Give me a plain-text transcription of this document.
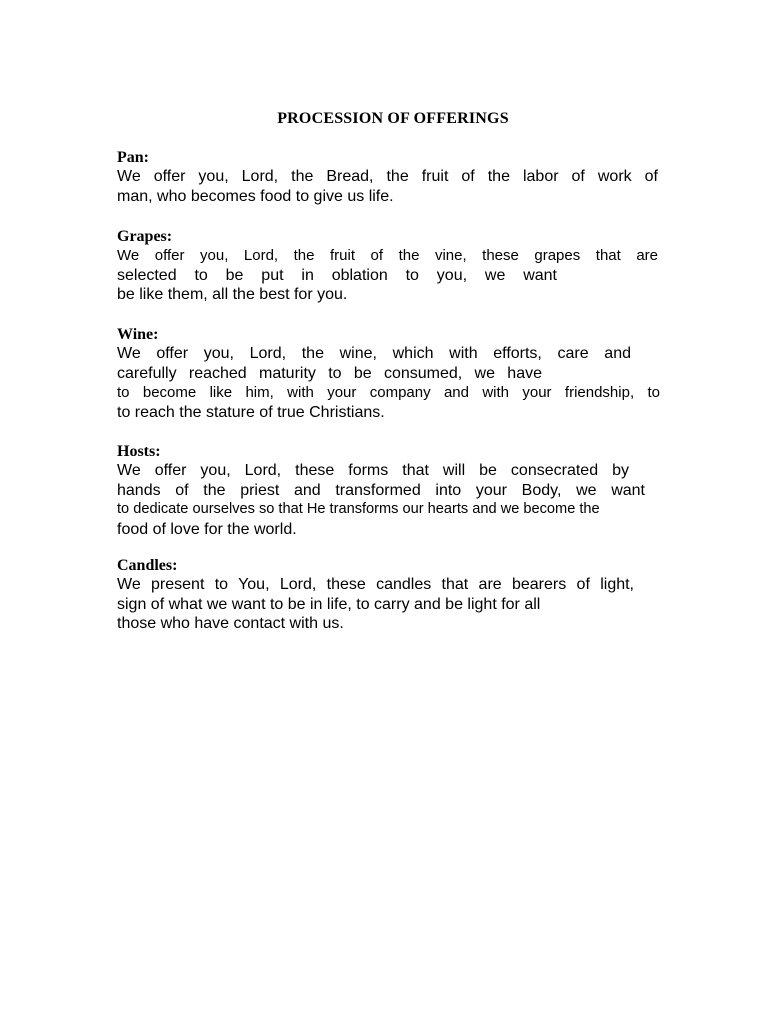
PROCESSION OF OFFERINGS

Pan:

We offer you, Lord, the Bread, the fruit of the labor of work of

man, who becomes food to give us life.

Grapes:

We offer you, Lord, the fruit of the vine, these grapes that are

selected to be put in oblation to you, we want

be like them, all the best for you.

Wine:

We offer you, Lord, the wine, which with efforts, care and

carefully reached maturity to be consumed, we have

to become like him, with your company and with your friendship, to

to reach the stature of true Christians.

Hosts:

We offer you, Lord, these forms that will be consecrated by

hands of the priest and transformed into your Body, we want

to dedicate ourselves so that He transforms our hearts and we become the

food of love for the world.

Candles:

We present to You, Lord, these candles that are bearers of light,

sign of what we want to be in life, to carry and be light for all

those who have contact with us.
